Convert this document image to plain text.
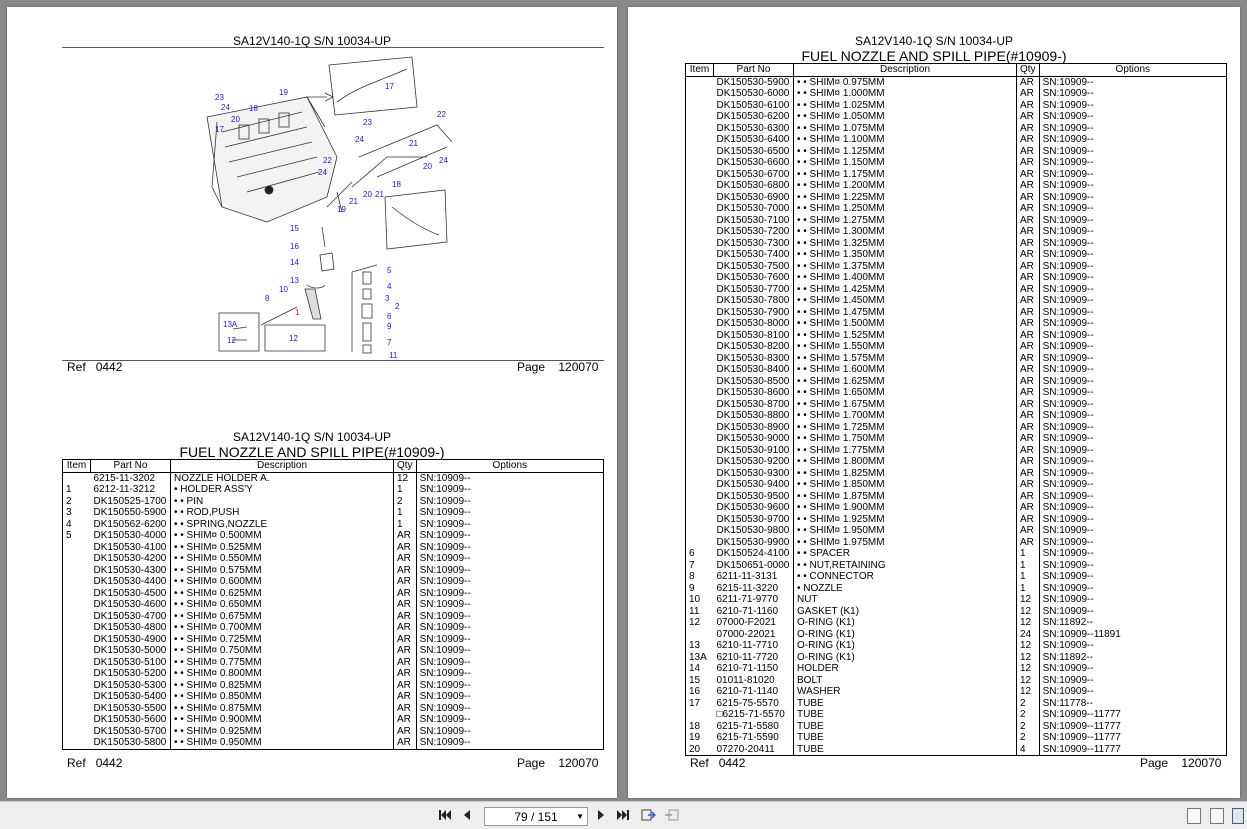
SA12V140-1Q S/N 10034-UP
23
24 18
19
20
17
22
24
19
21
20 21
18
17
23
24	21
20
24
22
15
16
14
13
10
8
1
13A
12	12
5
4
3
2
6
9
7
11
Ref 0442	Page 120070
SA12V140-1Q S/N 10034-UP
FUEL NOZZLE AND SPILL PIPE(#10909-)
Item	Part No	Description	Qty	Options
	6215-11-3202	NOZZLE HOLDER A.	12	SN:10909--
1	6212-11-3212	• HOLDER ASS'Y	1	SN:10909--
2	DK150525-1700	• • PIN	2	SN:10909--
3	DK150550-5900	• • ROD,PUSH	1	SN:10909--
4	DK150562-6200	• • SPRING,NOZZLE	1	SN:10909--
5	DK150530-4000	• • SHIM¤ 0.500MM	AR	SN:10909--
	DK150530-4100	• • SHIM¤ 0.525MM	AR	SN:10909--
	DK150530-4200	• • SHIM¤ 0.550MM	AR	SN:10909--
	DK150530-4300	• • SHIM¤ 0.575MM	AR	SN:10909--
	DK150530-4400	• • SHIM¤ 0.600MM	AR	SN:10909--
	DK150530-4500	• • SHIM¤ 0.625MM	AR	SN:10909--
	DK150530-4600	• • SHIM¤ 0.650MM	AR	SN:10909--
	DK150530-4700	• • SHIM¤ 0.675MM	AR	SN:10909--
	DK150530-4800	• • SHIM¤ 0.700MM	AR	SN:10909--
	DK150530-4900	• • SHIM¤ 0.725MM	AR	SN:10909--
	DK150530-5000	• • SHIM¤ 0.750MM	AR	SN:10909--
	DK150530-5100	• • SHIM¤ 0.775MM	AR	SN:10909--
	DK150530-5200	• • SHIM¤ 0.800MM	AR	SN:10909--
	DK150530-5300	• • SHIM¤ 0.825MM	AR	SN:10909--
	DK150530-5400	• • SHIM¤ 0.850MM	AR	SN:10909--
	DK150530-5500	• • SHIM¤ 0.875MM	AR	SN:10909--
	DK150530-5600	• • SHIM¤ 0.900MM	AR	SN:10909--
	DK150530-5700	• • SHIM¤ 0.925MM	AR	SN:10909--
	DK150530-5800	• • SHIM¤ 0.950MM	AR	SN:10909--
Ref 0442	Page 120070
SA12V140-1Q S/N 10034-UP
FUEL NOZZLE AND SPILL PIPE(#10909-)
Item	Part No	Description	Qty	Options
	DK150530-5900	• • SHIM¤ 0.975MM	AR	SN:10909--
	DK150530-6000	• • SHIM¤ 1.000MM	AR	SN:10909--
	DK150530-6100	• • SHIM¤ 1.025MM	AR	SN:10909--
	DK150530-6200	• • SHIM¤ 1.050MM	AR	SN:10909--
	DK150530-6300	• • SHIM¤ 1.075MM	AR	SN:10909--
	DK150530-6400	• • SHIM¤ 1.100MM	AR	SN:10909--
	DK150530-6500	• • SHIM¤ 1.125MM	AR	SN:10909--
	DK150530-6600	• • SHIM¤ 1.150MM	AR	SN:10909--
	DK150530-6700	• • SHIM¤ 1.175MM	AR	SN:10909--
	DK150530-6800	• • SHIM¤ 1.200MM	AR	SN:10909--
	DK150530-6900	• • SHIM¤ 1.225MM	AR	SN:10909--
	DK150530-7000	• • SHIM¤ 1.250MM	AR	SN:10909--
	DK150530-7100	• • SHIM¤ 1.275MM	AR	SN:10909--
	DK150530-7200	• • SHIM¤ 1.300MM	AR	SN:10909--
	DK150530-7300	• • SHIM¤ 1.325MM	AR	SN:10909--
	DK150530-7400	• • SHIM¤ 1.350MM	AR	SN:10909--
	DK150530-7500	• • SHIM¤ 1.375MM	AR	SN:10909--
	DK150530-7600	• • SHIM¤ 1.400MM	AR	SN:10909--
	DK150530-7700	• • SHIM¤ 1.425MM	AR	SN:10909--
	DK150530-7800	• • SHIM¤ 1.450MM	AR	SN:10909--
	DK150530-7900	• • SHIM¤ 1.475MM	AR	SN:10909--
	DK150530-8000	• • SHIM¤ 1.500MM	AR	SN:10909--
	DK150530-8100	• • SHIM¤ 1.525MM	AR	SN:10909--
	DK150530-8200	• • SHIM¤ 1.550MM	AR	SN:10909--
	DK150530-8300	• • SHIM¤ 1.575MM	AR	SN:10909--
	DK150530-8400	• • SHIM¤ 1.600MM	AR	SN:10909--
	DK150530-8500	• • SHIM¤ 1.625MM	AR	SN:10909--
	DK150530-8600	• • SHIM¤ 1.650MM	AR	SN:10909--
	DK150530-8700	• • SHIM¤ 1.675MM	AR	SN:10909--
	DK150530-8800	• • SHIM¤ 1.700MM	AR	SN:10909--
	DK150530-8900	• • SHIM¤ 1.725MM	AR	SN:10909--
	DK150530-9000	• • SHIM¤ 1.750MM	AR	SN:10909--
	DK150530-9100	• • SHIM¤ 1.775MM	AR	SN:10909--
	DK150530-9200	• • SHIM¤ 1.800MM	AR	SN:10909--
	DK150530-9300	• • SHIM¤ 1.825MM	AR	SN:10909--
	DK150530-9400	• • SHIM¤ 1.850MM	AR	SN:10909--
	DK150530-9500	• • SHIM¤ 1.875MM	AR	SN:10909--
	DK150530-9600	• • SHIM¤ 1.900MM	AR	SN:10909--
	DK150530-9700	• • SHIM¤ 1.925MM	AR	SN:10909--
	DK150530-9800	• • SHIM¤ 1.950MM	AR	SN:10909--
	DK150530-9900	• • SHIM¤ 1.975MM	AR	SN:10909--
6	DK150524-4100	• • SPACER	1	SN:10909--
7	DK150651-0000	• • NUT,RETAINING	1	SN:10909--
8	6211-11-3131	• • CONNECTOR	1	SN:10909--
9	6215-11-3220	• NOZZLE	1	SN:10909--
10	6211-71-9770	NUT	12	SN:10909--
11	6210-71-1160	GASKET (K1)	12	SN:10909--
12	07000-F2021	O-RING (K1)	12	SN:11892--
	07000-22021	O-RING (K1)	24	SN:10909--11891
13	6210-11-7710	O-RING (K1)	12	SN:10909--
13A	6210-11-7720	O-RING (K1)	12	SN:11892--
14	6210-71-1150	HOLDER	12	SN:10909--
15	01011-81020	BOLT	12	SN:10909--
16	6210-71-1140	WASHER	12	SN:10909--
17	6215-75-5570	TUBE	2	SN:11778--
	□6215-71-5570	TUBE	2	SN:10909--11777
18	6215-71-5580	TUBE	2	SN:10909--11777
19	6215-71-5590	TUBE	2	SN:10909--11777
20	07270-20411	TUBE	4	SN:10909--11777
Ref 0442	Page 120070
79 / 151 ▼
